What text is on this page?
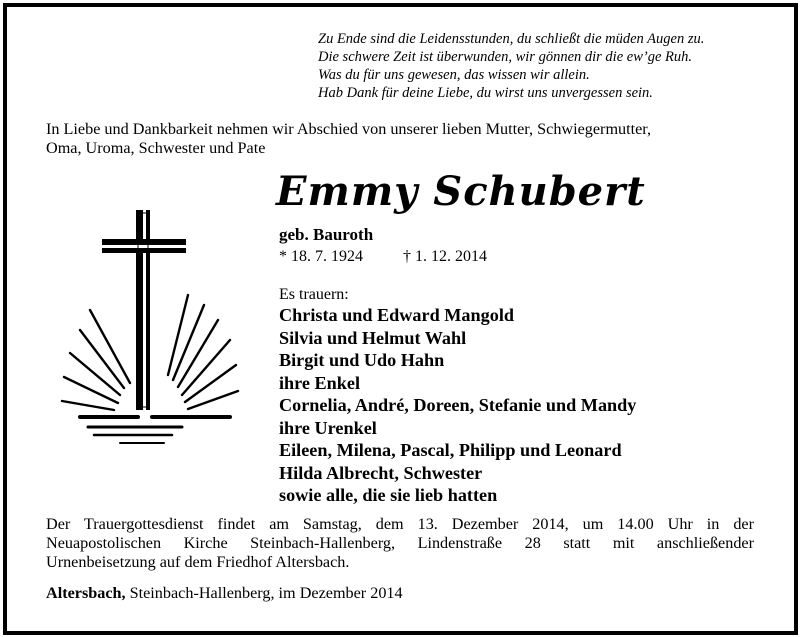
Zu Ende sind die Leidensstunden, du schließt die müden Augen zu.
Die schwere Zeit ist überwunden, wir gönnen dir die ew’ge Ruh.
Was du für uns gewesen, das wissen wir allein.
Hab Dank für deine Liebe, du wirst uns unvergessen sein.
In Liebe und Dankbarkeit nehmen wir Abschied von unserer lieben Mutter, Schwiegermutter,
Oma, Uroma, Schwester und Pate
Emmy Schubert
geb. Bauroth
* 18. 7. 1924	† 1. 12. 2014
Es trauern:
Christa und Edward Mangold
Silvia und Helmut Wahl
Birgit und Udo Hahn
ihre Enkel
Cornelia, André, Doreen, Stefanie und Mandy
ihre Urenkel
Eileen, Milena, Pascal, Philipp und Leonard
Hilda Albrecht, Schwester
sowie alle, die sie lieb hatten
Der Trauergottesdienst findet am Samstag, dem 13. Dezember 2014, um 14.00 Uhr in der
Neuapostolischen Kirche Steinbach-Hallenberg, Lindenstraße 28 statt mit anschließender
Urnenbeisetzung auf dem Friedhof Altersbach.
Altersbach, Steinbach-Hallenberg, im Dezember 2014
